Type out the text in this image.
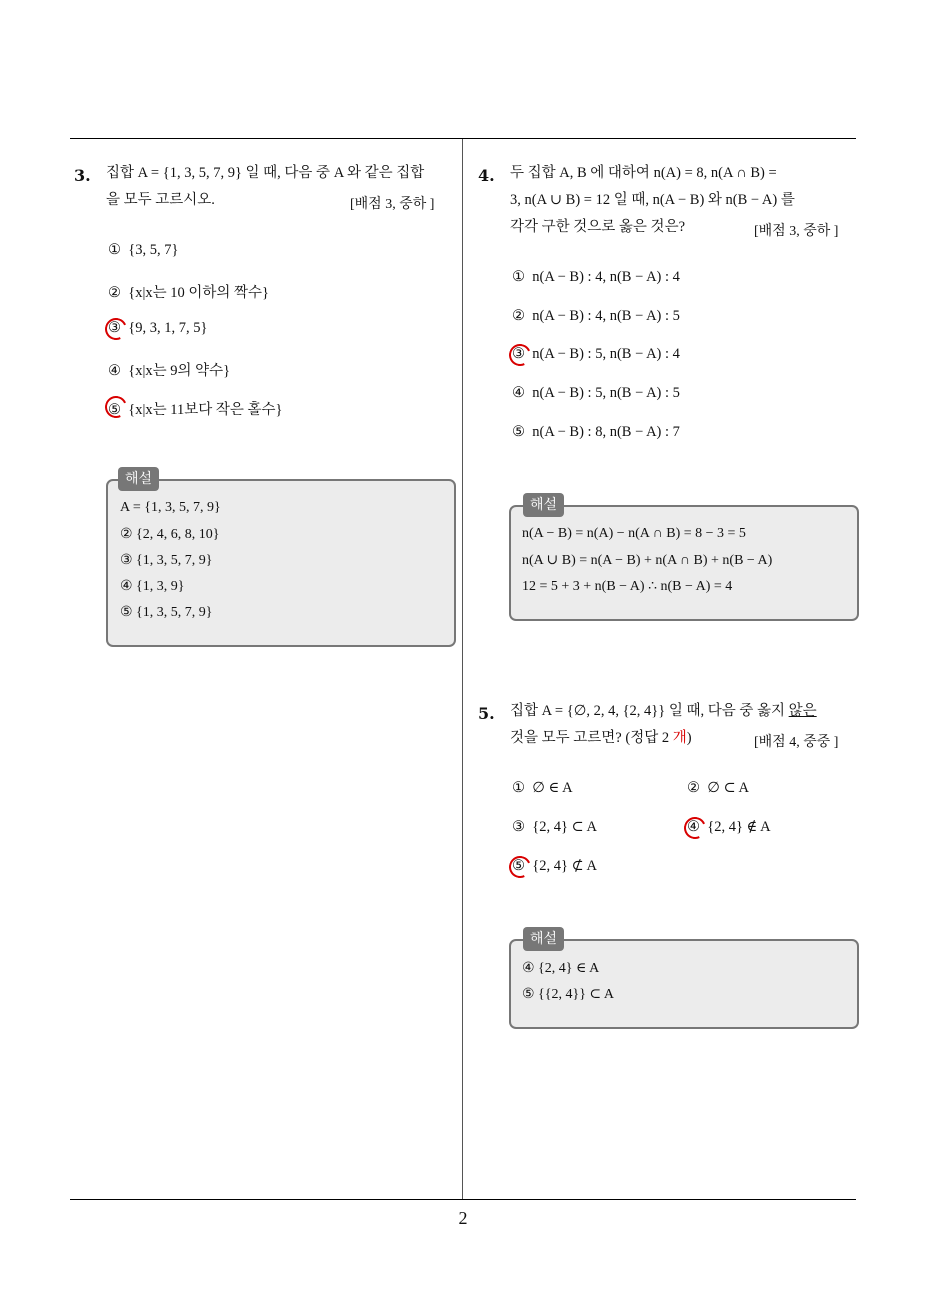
3. 집합 A = {1, 3, 5, 7, 9} 일 때, 다음 중 A 와 같은 집합
을 모두 고르시오.	[배점 3, 중하 ]
① {3, 5, 7}
② {x|x는 10 이하의 짝수}
③ {9, 3, 1, 7, 5}
④ {x|x는 9의 약수}
⑤ {x|x는 11보다 작은 홀수}
해설
A = {1, 3, 5, 7, 9}
② {2, 4, 6, 8, 10}
③ {1, 3, 5, 7, 9}
④ {1, 3, 9}
⑤ {1, 3, 5, 7, 9}
4. 두 집합 A, B 에 대하여 n(A) = 8, n(A ∩ B) =
3, n(A ∪ B) = 12 일 때, n(A − B) 와 n(B − A) 를
각각 구한 것으로 옳은 것은?	[배점 3, 중하 ]
① n(A − B) : 4, n(B − A) : 4
② n(A − B) : 4, n(B − A) : 5
③ n(A − B) : 5, n(B − A) : 4
④ n(A − B) : 5, n(B − A) : 5
⑤ n(A − B) : 8, n(B − A) : 7
해설
n(A − B) = n(A) − n(A ∩ B) = 8 − 3 = 5
n(A ∪ B) = n(A − B) + n(A ∩ B) + n(B − A)
12 = 5 + 3 + n(B − A) ∴ n(B − A) = 4
5. 집합 A = {∅, 2, 4, {2, 4}} 일 때, 다음 중 옳지 않은
것을 모두 고르면? (정답 2 개)	[배점 4, 중중 ]
① ∅ ∈ A	② ∅ ⊂ A
③ {2, 4} ⊂ A	④ {2, 4} ∉ A
⑤ {2, 4} ⊄ A
해설
④ {2, 4} ∈ A
⑤ {{2, 4}} ⊂ A
2
